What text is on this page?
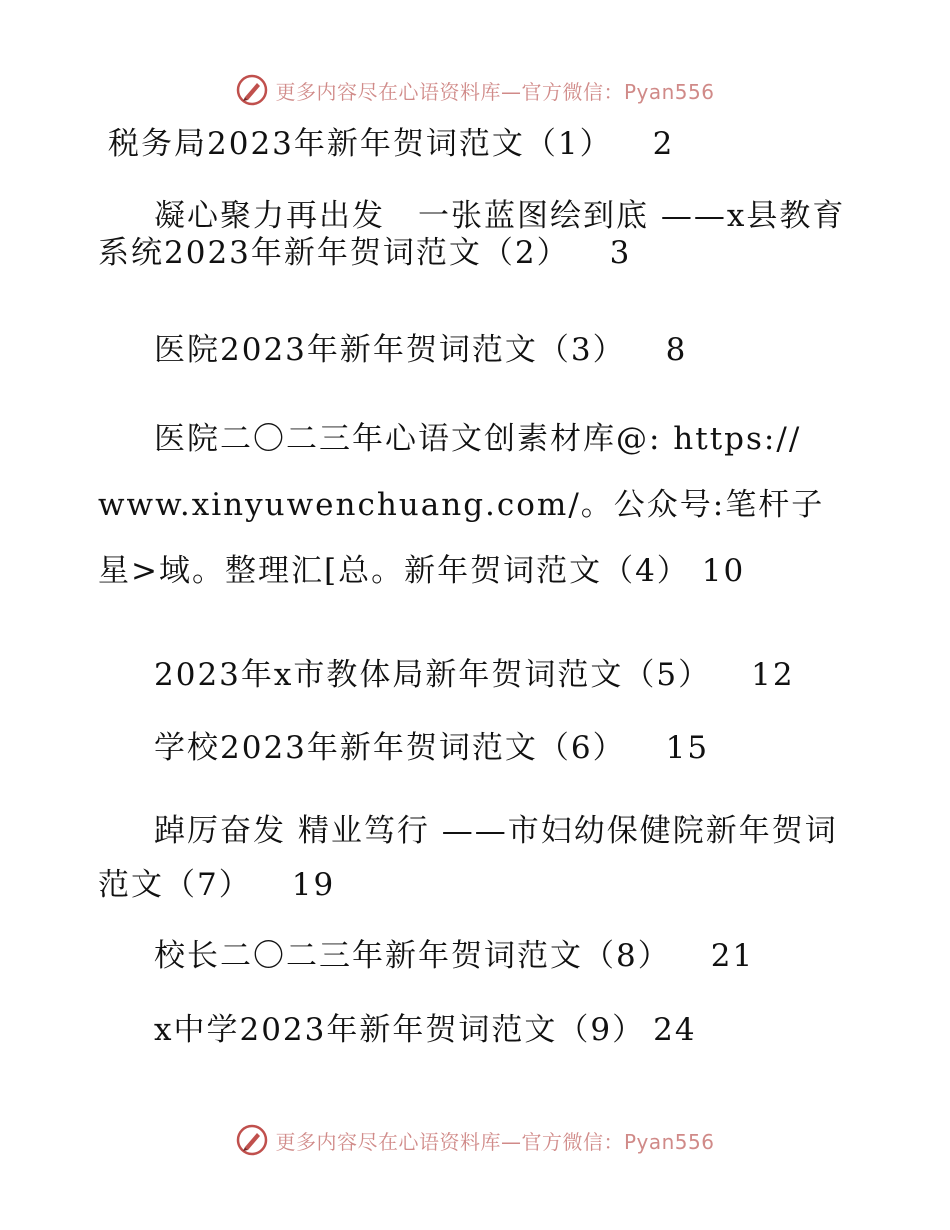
更多内容尽在心语资料库—官方微信：Pyan556

税务局2023年新年贺词范文（1） 2

凝心聚力再出发　一张蓝图绘到底 ——x县教育系统2023年新年贺词范文（2） 3

医院2023年新年贺词范文（3） 8

医院二〇二三年心语文创素材库@: https://www.xinyuwenchuang.com/。公众号:笔杆子星>域。整理汇[总。新年贺词范文（4） 10

2023年x市教体局新年贺词范文（5） 12

学校2023年新年贺词范文（6） 15

踔厉奋发 精业笃行 ——市妇幼保健院新年贺词范文（7） 19

校长二〇二三年新年贺词范文（8） 21

x中学2023年新年贺词范文（9） 24

更多内容尽在心语资料库—官方微信：Pyan556
